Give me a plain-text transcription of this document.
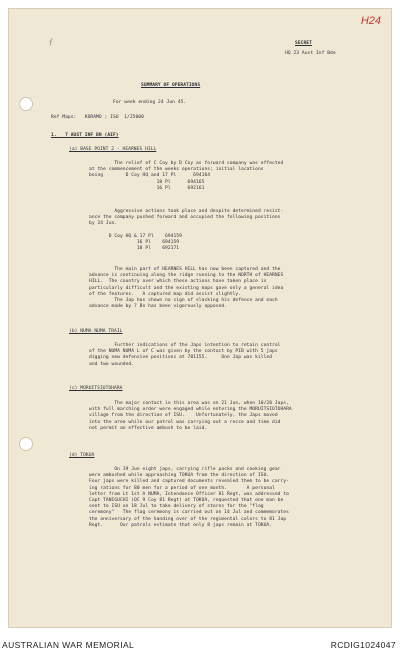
H24
ƒ	SECRET
HQ 23 Aust Inf Bde
SUMMARY OF OPERATIONS
For week ending 24 Jun 45.
Ref Maps:   KORAMO ; ISU  1/25000
1.   7 AUST INF BN (AIF)
(a) BASE POINT 2 - HEARNES HILL
The relief of C Coy by D Coy as forward company was effected
at the commencement of the weeks operations; initial locations
being        D Coy HQ and 17 Pl      694164
18 Pl      694165
16 Pl      692161
Aggressive actions took place and despite determined resist-
ance the company pushed forward and occupied the following positions
by 24 Jun.
D Coy HQ & 17 Pl    694159
16 Pl    694159
18 Pl    692171
The main part of HEARNES HILL has now been captured and the
advance is continuing along the ridge running to the NORTH of HEARNES
HILL.  The country over which these actions have taken place is
particularly difficult and the existing maps gave only a general idea
of the features.   A captured map did assist slightly.
The Jap has shown no sign of slacking his defence and each
advance made by 7 Bn has been vigorously opposed.
(b) NUMA NUMA TRAIL
Further indications of the Japs intention to retain control
of the NUMA NUMA L of C was given by the contact by PIB with 5 japs
digging new defensive positions at 781155.     One Jap was killed
and two wounded.
(c) MORUITSIOTOHARA
The major contact in this area was on 21 Jun, when 10/20 Japs,
with full marching order were engaged while entering the MORUITSIOTOHARA
village from the direction of ISU.    Unfortunately, the Japs moved
into the area while our patrol was carrying out a recce and time did
not permit an effective ambush to be laid.
(d) TOKUA
On 19 Jun eight japs, carrying rifle packs and cooking gear
were ambushed while approaching TOKUA from the direction of ISU.
Four japs were killed and captured documents revealed them to be carry-
ing rations for 80 men for a period of one month.       A personal
letter from Lt 1st A NUMA, Intendance Officer 81 Regt, was addressed to
Capt TANIGUCHI (OC 9 Coy 81 Regt) at TOKUA, requested that one man be
sent to ISU on 18 Jul to take delivery of stores for the "flag
ceremony"   The flag ceremony is carried out on 14 Jul and commemorates
the anniversary of the handing over of the regimental colors to 81 Jap
Regt.      Our patrols estimate that only 8 japs remain at TOKUA.
AUSTRALIAN WAR MEMORIAL	RCDIG1024047
